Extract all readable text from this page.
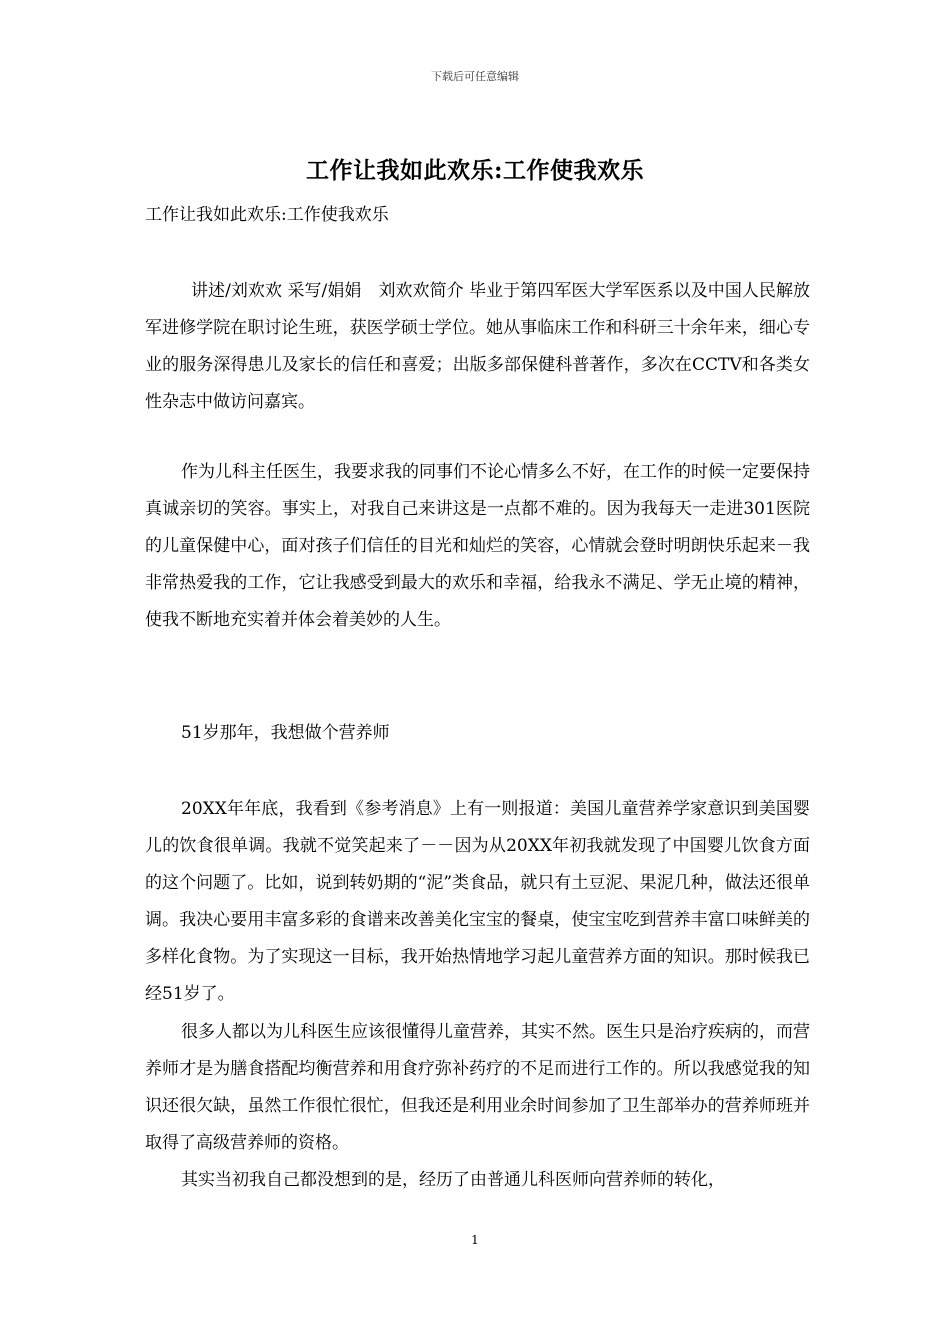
下载后可任意编辑
工作让我如此欢乐:工作使我欢乐

工作让我如此欢乐:工作使我欢乐

讲述/刘欢欢 采写/娟娟　刘欢欢简介 毕业于第四军医大学军医系以及中国人民解放军进修学院在职讨论生班，获医学硕士学位。她从事临床工作和科研三十余年来，细心专业的服务深得患儿及家长的信任和喜爱；出版多部保健科普著作，多次在CCTV和各类女性杂志中做访问嘉宾。

作为儿科主任医生，我要求我的同事们不论心情多么不好，在工作的时候一定要保持真诚亲切的笑容。事实上，对我自己来讲这是一点都不难的。因为我每天一走进301医院的儿童保健中心，面对孩子们信任的目光和灿烂的笑容，心情就会登时明朗快乐起来－我非常热爱我的工作，它让我感受到最大的欢乐和幸福，给我永不满足、学无止境的精神，使我不断地充实着并体会着美妙的人生。

51岁那年，我想做个营养师

20XX年年底，我看到《参考消息》上有一则报道：美国儿童营养学家意识到美国婴儿的饮食很单调。我就不觉笑起来了－－因为从20XX年初我就发现了中国婴儿饮食方面的这个问题了。比如，说到转奶期的“泥”类食品，就只有土豆泥、果泥几种，做法还很单调。我决心要用丰富多彩的食谱来改善美化宝宝的餐桌，使宝宝吃到营养丰富口味鲜美的多样化食物。为了实现这一目标，我开始热情地学习起儿童营养方面的知识。那时候我已经51岁了。

很多人都以为儿科医生应该很懂得儿童营养，其实不然。医生只是治疗疾病的，而营养师才是为膳食搭配均衡营养和用食疗弥补药疗的不足而进行工作的。所以我感觉我的知识还很欠缺，虽然工作很忙很忙，但我还是利用业余时间参加了卫生部举办的营养师班并取得了高级营养师的资格。

其实当初我自己都没想到的是，经历了由普通儿科医师向营养师的转化，

1
